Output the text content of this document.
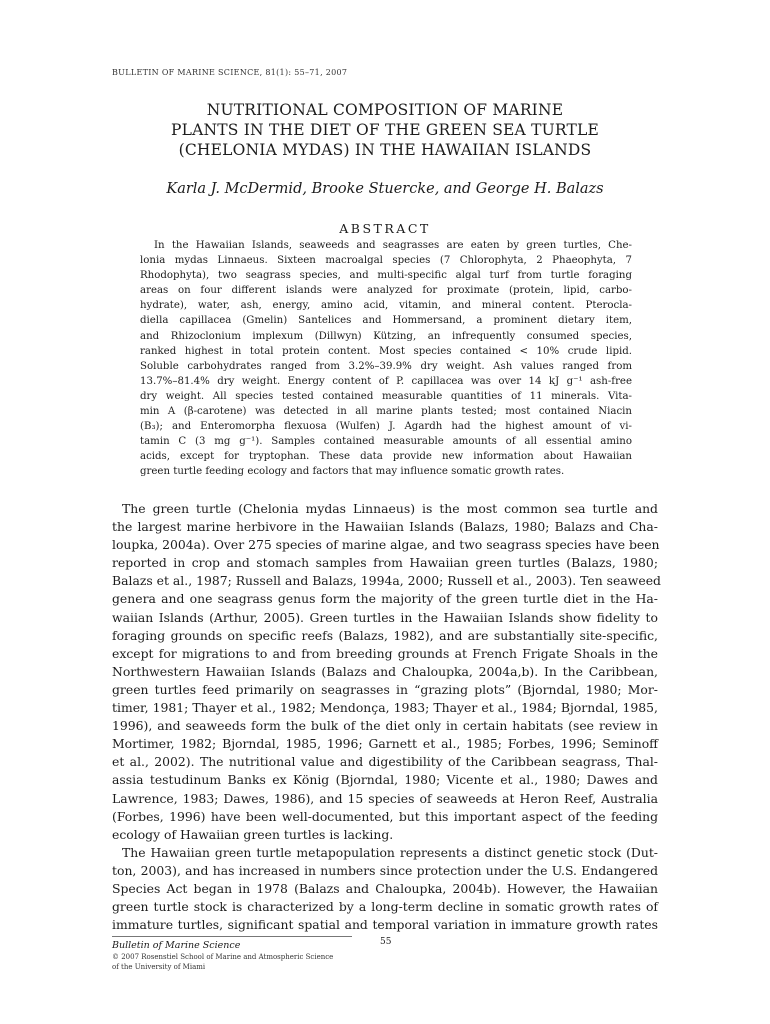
BULLETIN OF MARINE SCIENCE, 81(1): 55–71, 2007
NUTRITIONAL COMPOSITION OF MARINE
PLANTS IN THE DIET OF THE GREEN SEA TURTLE
(CHELONIA MYDAS) IN THE HAWAIIAN ISLANDS
Karla J. McDermid, Brooke Stuercke, and George H. Balazs
ABSTRACT
In the Hawaiian Islands, seaweeds and seagrasses are eaten by green turtles, Che-
lonia mydas Linnaeus. Sixteen macroalgal species (7 Chlorophyta, 2 Phaeophyta, 7
Rhodophyta), two seagrass species, and multi-specific algal turf from turtle foraging
areas on four different islands were analyzed for proximate (protein, lipid, carbo-
hydrate), water, ash, energy, amino acid, vitamin, and mineral content. Pterocla-
diella capillacea (Gmelin) Santelices and Hommersand, a prominent dietary item,
and Rhizoclonium implexum (Dillwyn) Kützing, an infrequently consumed species,
ranked highest in total protein content. Most species contained < 10% crude lipid.
Soluble carbohydrates ranged from 3.2%–39.9% dry weight. Ash values ranged from
13.7%–81.4% dry weight. Energy content of P. capillacea was over 14 kJ g⁻¹ ash-free
dry weight. All species tested contained measurable quantities of 11 minerals. Vita-
min A (β-carotene) was detected in all marine plants tested; most contained Niacin
(B₃); and Enteromorpha flexuosa (Wulfen) J. Agardh had the highest amount of vi-
tamin C (3 mg g⁻¹). Samples contained measurable amounts of all essential amino
acids, except for tryptophan. These data provide new information about Hawaiian
green turtle feeding ecology and factors that may influence somatic growth rates.
The green turtle (Chelonia mydas Linnaeus) is the most common sea turtle and
the largest marine herbivore in the Hawaiian Islands (Balazs, 1980; Balazs and Cha-
loupka, 2004a). Over 275 species of marine algae, and two seagrass species have been
reported in crop and stomach samples from Hawaiian green turtles (Balazs, 1980;
Balazs et al., 1987; Russell and Balazs, 1994a, 2000; Russell et al., 2003). Ten seaweed
genera and one seagrass genus form the majority of the green turtle diet in the Ha-
waiian Islands (Arthur, 2005). Green turtles in the Hawaiian Islands show fidelity to
foraging grounds on specific reefs (Balazs, 1982), and are substantially site-specific,
except for migrations to and from breeding grounds at French Frigate Shoals in the
Northwestern Hawaiian Islands (Balazs and Chaloupka, 2004a,b). In the Caribbean,
green turtles feed primarily on seagrasses in “grazing plots” (Bjorndal, 1980; Mor-
timer, 1981; Thayer et al., 1982; Mendonça, 1983; Thayer et al., 1984; Bjorndal, 1985,
1996), and seaweeds form the bulk of the diet only in certain habitats (see review in
Mortimer, 1982; Bjorndal, 1985, 1996; Garnett et al., 1985; Forbes, 1996; Seminoff
et al., 2002). The nutritional value and digestibility of the Caribbean seagrass, Thal-
assia testudinum Banks ex König (Bjorndal, 1980; Vicente et al., 1980; Dawes and
Lawrence, 1983; Dawes, 1986), and 15 species of seaweeds at Heron Reef, Australia
(Forbes, 1996) have been well-documented, but this important aspect of the feeding
ecology of Hawaiian green turtles is lacking.
The Hawaiian green turtle metapopulation represents a distinct genetic stock (Dut-
ton, 2003), and has increased in numbers since protection under the U.S. Endangered
Species Act began in 1978 (Balazs and Chaloupka, 2004b). However, the Hawaiian
green turtle stock is characterized by a long-term decline in somatic growth rates of
immature turtles, significant spatial and temporal variation in immature growth rates
Bulletin of Marine Science
© 2007 Rosenstiel School of Marine and Atmospheric Science
of the University of Miami
55
